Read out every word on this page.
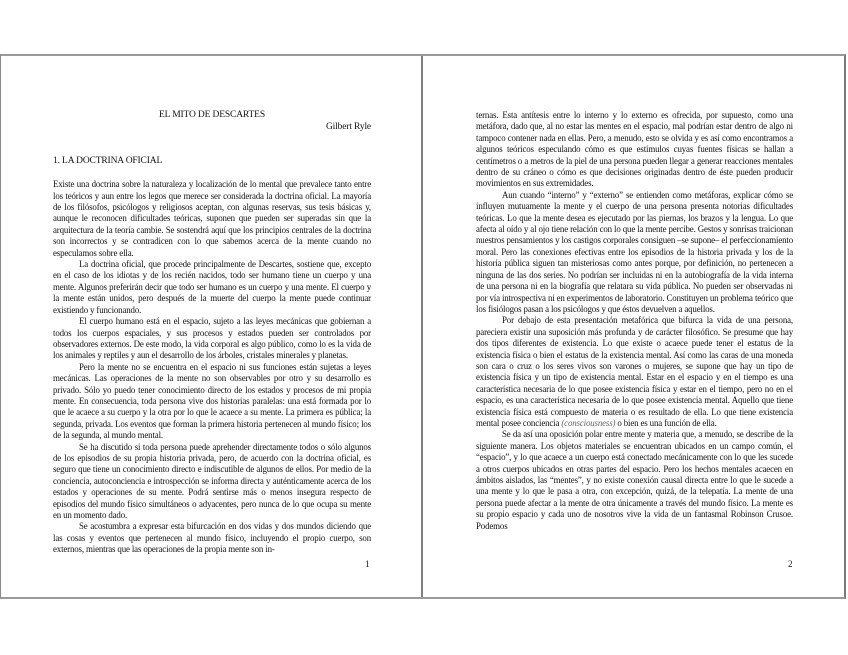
EL MITO DE DESCARTES
Gilbert Ryle
1. LA DOCTRINA OFICIAL

Existe una doctrina sobre la naturaleza y localización de lo mental que prevalece tanto entre los teóricos y aun entre los legos que merece ser considerada la doctrina oficial. La mayoría de los filósofos, psicólogos y religiosos aceptan, con algunas reservas, sus tesis básicas y, aunque le reconocen dificultades teóricas, suponen que pueden ser superadas sin que la arquitectura de la teoría cambie. Se sostendrá aquí que los principios centrales de la doctrina son incorrectos y se contradicen con lo que sabemos acerca de la mente cuando no especulamos sobre ella.

La doctrina oficial, que procede principalmente de Descartes, sostiene que, excepto en el caso de los idiotas y de los recién nacidos, todo ser humano tiene un cuerpo y una mente. Algunos preferirán decir que todo ser humano es un cuerpo y una mente. El cuerpo y la mente están unidos, pero después de la muerte del cuerpo la mente puede continuar existiendo y funcionando.

El cuerpo humano está en el espacio, sujeto a las leyes mecánicas que gobiernan a todos los cuerpos espaciales, y sus procesos y estados pueden ser controlados por observadores externos. De este modo, la vida corporal es algo público, como lo es la vida de los animales y reptiles y aun el desarrollo de los árboles, cristales minerales y planetas.

Pero la mente no se encuentra en el espacio ni sus funciones están sujetas a leyes mecánicas. Las operaciones de la mente no son observables por otro y su desarrollo es privado. Sólo yo puedo tener conocimiento directo de los estados y procesos de mi propia mente. En consecuencia, toda persona vive dos historias paralelas: una está formada por lo que le acaece a su cuerpo y la otra por lo que le acaece a su mente. La primera es pública; la segunda, privada. Los eventos que forman la primera historia pertenecen al mundo físico; los de la segunda, al mundo mental.

Se ha discutido si toda persona puede aprehender directamente todos o sólo algunos de los episodios de su propia historia privada, pero, de acuerdo con la doctrina oficial, es seguro que tiene un conocimiento directo e indiscutible de algunos de ellos. Por medio de la conciencia, autoconciencia e introspección se informa directa y auténticamente acerca de los estados y operaciones de su mente. Podrá sentirse más o menos insegura respecto de episodios del mundo físico simultáneos o adyacentes, pero nunca de lo que ocupa su mente en un momento dado.

Se acostumbra a expresar esta bifurcación en dos vidas y dos mundos diciendo que las cosas y eventos que pertenecen al mundo físico, incluyendo el propio cuerpo, son externos, mientras que las operaciones de la propia mente son in-

1

ternas. Esta antítesis entre lo interno y lo externo es ofrecida, por supuesto, como una metáfora, dado que, al no estar las mentes en el espacio, mal podrían estar dentro de algo ni tampoco contener nada en ellas. Pero, a menudo, esto se olvida y es así como encontramos a algunos teóricos especulando cómo es que estímulos cuyas fuentes físicas se hallan a centímetros o a metros de la piel de una persona pueden llegar a generar reacciones mentales dentro de su cráneo o cómo es que decisiones originadas dentro de éste pueden producir movimientos en sus extremidades.

Aun cuando “interno” y “externo” se entienden como metáforas, explicar cómo se influyen mutuamente la mente y el cuerpo de una persona presenta notorias dificultades teóricas. Lo que la mente desea es ejecutado por las piernas, los brazos y la lengua. Lo que afecta al oído y al ojo tiene relación con lo que la mente percibe. Gestos y sonrisas traicionan nuestros pensamientos y los castigos corporales consiguen –se supone– el perfeccionamiento moral. Pero las conexiones efectivas entre los episodios de la historia privada y los de la historia pública siguen tan misteriosas como antes porque, por definición, no pertenecen a ninguna de las dos series. No podrían ser incluidas ni en la autobiografía de la vida interna de una persona ni en la biografía que relatara su vida pública. No pueden ser observadas ni por vía introspectiva ni en experimentos de laboratorio. Constituyen un problema teórico que los fisiólogos pasan a los psicólogos y que éstos devuelven a aquellos.

Por debajo de esta presentación metafórica que bifurca la vida de una persona, pareciera existir una suposición más profunda y de carácter filosófico. Se presume que hay dos tipos diferentes de existencia. Lo que existe o acaece puede tener el estatus de la existencia física o bien el estatus de la existencia mental. Así como las caras de una moneda son cara o cruz o los seres vivos son varones o mujeres, se supone que hay un tipo de existencia física y un tipo de existencia mental. Estar en el espacio y en el tiempo es una característica necesaria de lo que posee existencia física y estar en el tiempo, pero no en el espacio, es una característica necesaria de lo que posee existencia mental. Aquello que tiene existencia física está compuesto de materia o es resultado de ella. Lo que tiene existencia mental posee conciencia (consciousness) o bien es una función de ella.

Se da así una oposición polar entre mente y materia que, a menudo, se describe de la siguiente manera. Los objetos materiales se encuentran ubicados en un campo común, el “espacio”, y lo que acaece a un cuerpo está conectado mecánicamente con lo que les sucede a otros cuerpos ubicados en otras partes del espacio. Pero los hechos mentales acaecen en ámbitos aislados, las “mentes”, y no existe conexión causal directa entre lo que le sucede a una mente y lo que le pasa a otra, con excepción, quizá, de la telepatía. La mente de una persona puede afectar a la mente de otra únicamente a través del mundo físico. La mente es su propio espacio y cada uno de nosotros vive la vida de un fantasmal Robinson Crusoe. Podemos

2
